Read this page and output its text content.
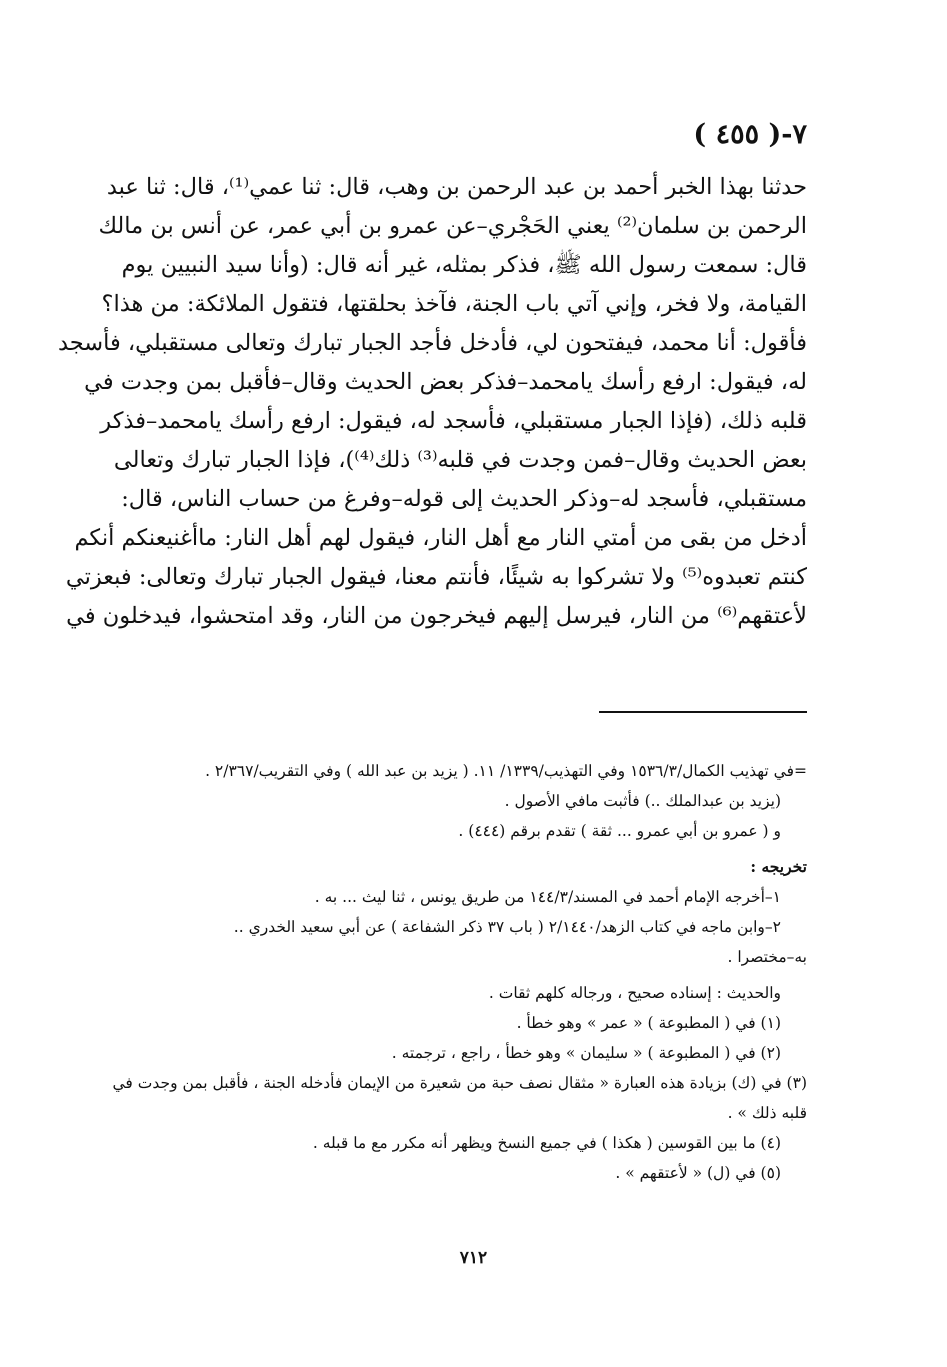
٧-( ٤٥٥ )
حدثنا بهذا الخبر أحمد بن عبد الرحمن بن وهب، قال: ثنا عمي⁽¹⁾، قال: ثنا عبد
الرحمن بن سلمان⁽²⁾ يعني الحَجْري–عن عمرو بن أبي عمر، عن أنس بن مالك
قال: سمعت رسول الله ﷺ، فذكر بمثله، غير أنه قال: (وأنا سيد النبيين يوم
القيامة، ولا فخر، وإني آتي باب الجنة، فآخذ بحلقتها، فتقول الملائكة: من هذا؟
فأقول: أنا محمد، فيفتحون لي، فأدخل فأجد الجبار تبارك وتعالى مستقبلي، فأسجد
له، فيقول: ارفع رأسك يامحمد–فذكر بعض الحديث وقال–فأقبل بمن وجدت في
قلبه ذلك، (فإذا الجبار مستقبلي، فأسجد له، فيقول: ارفع رأسك يامحمد–فذكر
بعض الحديث وقال–فمن وجدت في قلبه⁽³⁾ ذلك⁽⁴⁾)، فإذا الجبار تبارك وتعالى
مستقبلي، فأسجد له–وذكر الحديث إلى قوله–وفرغ من حساب الناس، قال:
أدخل من بقى من أمتي النار مع أهل النار، فيقول لهم أهل النار: ماأغنيعنكم أنكم
كنتم تعبدوه⁽⁵⁾ ولا تشركوا به شيئًا، فأنتم معنا، فيقول الجبار تبارك وتعالى: فبعزتي
لأعتقهم⁽⁶⁾ من النار، فيرسل إليهم فيخرجون من النار، وقد امتحشوا، فيدخلون في
=في تهذيب الكمال/١٥٣٦/٣ وفي التهذيب/١٣٣٩/ ١١. ( يزيد بن عبد الله ) وفي التقريب/٢/٣٦٧ .
(يزيد بن عبدالملك ..) فأثبت مافي الأصول .
و ( عمرو بن أبي عمرو ... ثقة ) تقدم برقم (٤٤٤) .
تخريجه :
١–أخرجه الإمام أحمد في المسند/١٤٤/٣ من طريق يونس ، ثنا ليث ... به .
٢–وابن ماجه في كتاب الزهد/٢/١٤٤٠ ( باب ٣٧ ذكر الشفاعة ) عن أبي سعيد الخدري ..
به–مختصرا .
والحديث : إسناده صحيح ، ورجاله كلهم ثقات .
(١) في ( المطبوعة ) « عمر » وهو خطأ .
(٢) في ( المطبوعة ) « سليمان » وهو خطأ ، راجع ، ترجمته .
(٣) في (ك) بزيادة هذه العبارة « مثقال نصف حبة من شعيرة من الإيمان فأدخله الجنة ، فأقبل بمن وجدت في
قلبه ذلك » .
(٤) ما بين القوسين ( هكذا ) في جميع النسخ ويظهر أنه مكرر مع ما قبله .
(٥) في (ل) « لأعتقهم » .
٧١٢
